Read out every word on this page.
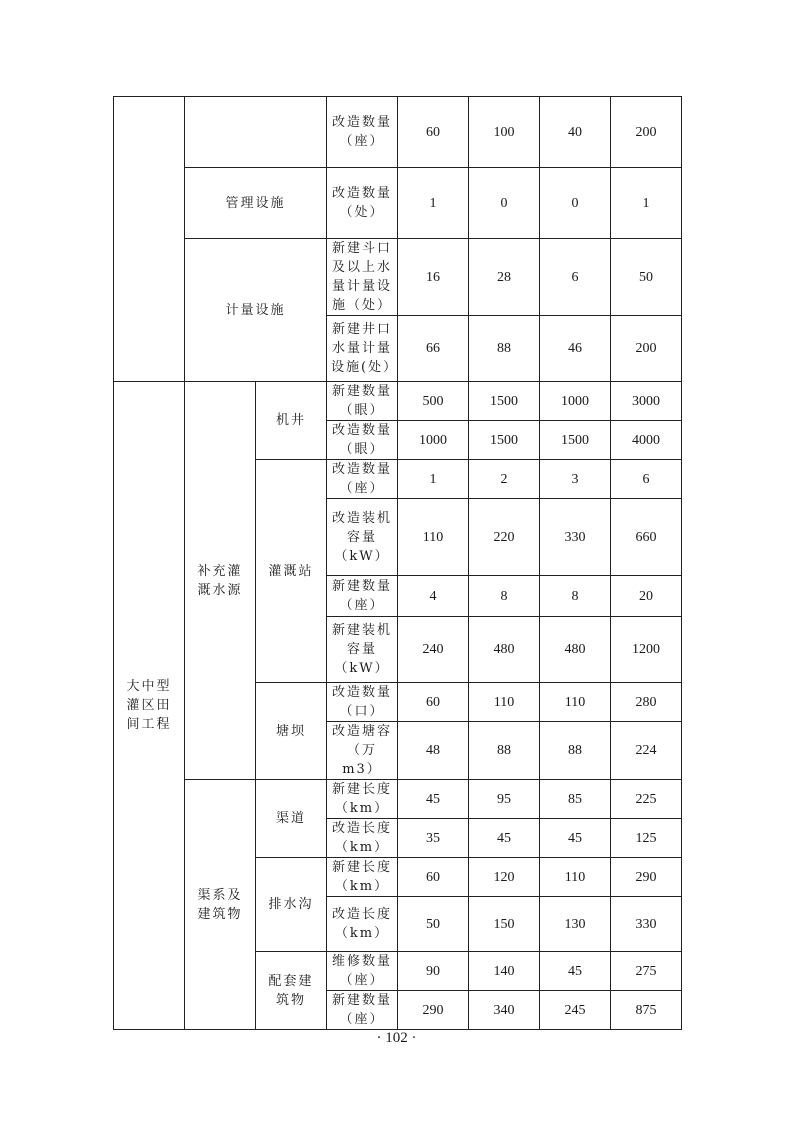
			改造数量（座）	60	100	40	200
	管理设施		改造数量（处）	1	0	0	1
	计量设施		新建斗口及以上水量计量设施（处）	16	28	6	50
			新建井口水量计量设施(处）	66	88	46	200
大中型灌区田间工程	补充灌溉水源	机井	新建数量（眼）	500	1500	1000	3000
			改造数量（眼）	1000	1500	1500	4000
		灌溉站	改造数量（座）	1	2	3	6
			改造装机容量（kW）	110	220	330	660
			新建数量（座）	4	8	8	20
			新建装机容量（kW）	240	480	480	1200
		塘坝	改造数量（口）	60	110	110	280
			改造塘容（万m3）	48	88	88	224
	渠系及建筑物	渠道	新建长度（km）	45	95	85	225
			改造长度（km）	35	45	45	125
		排水沟	新建长度（km）	60	120	110	290
			改造长度（km）	50	150	130	330
		配套建筑物	维修数量（座）	90	140	45	275
			新建数量（座）	290	340	245	875
· 102 ·
